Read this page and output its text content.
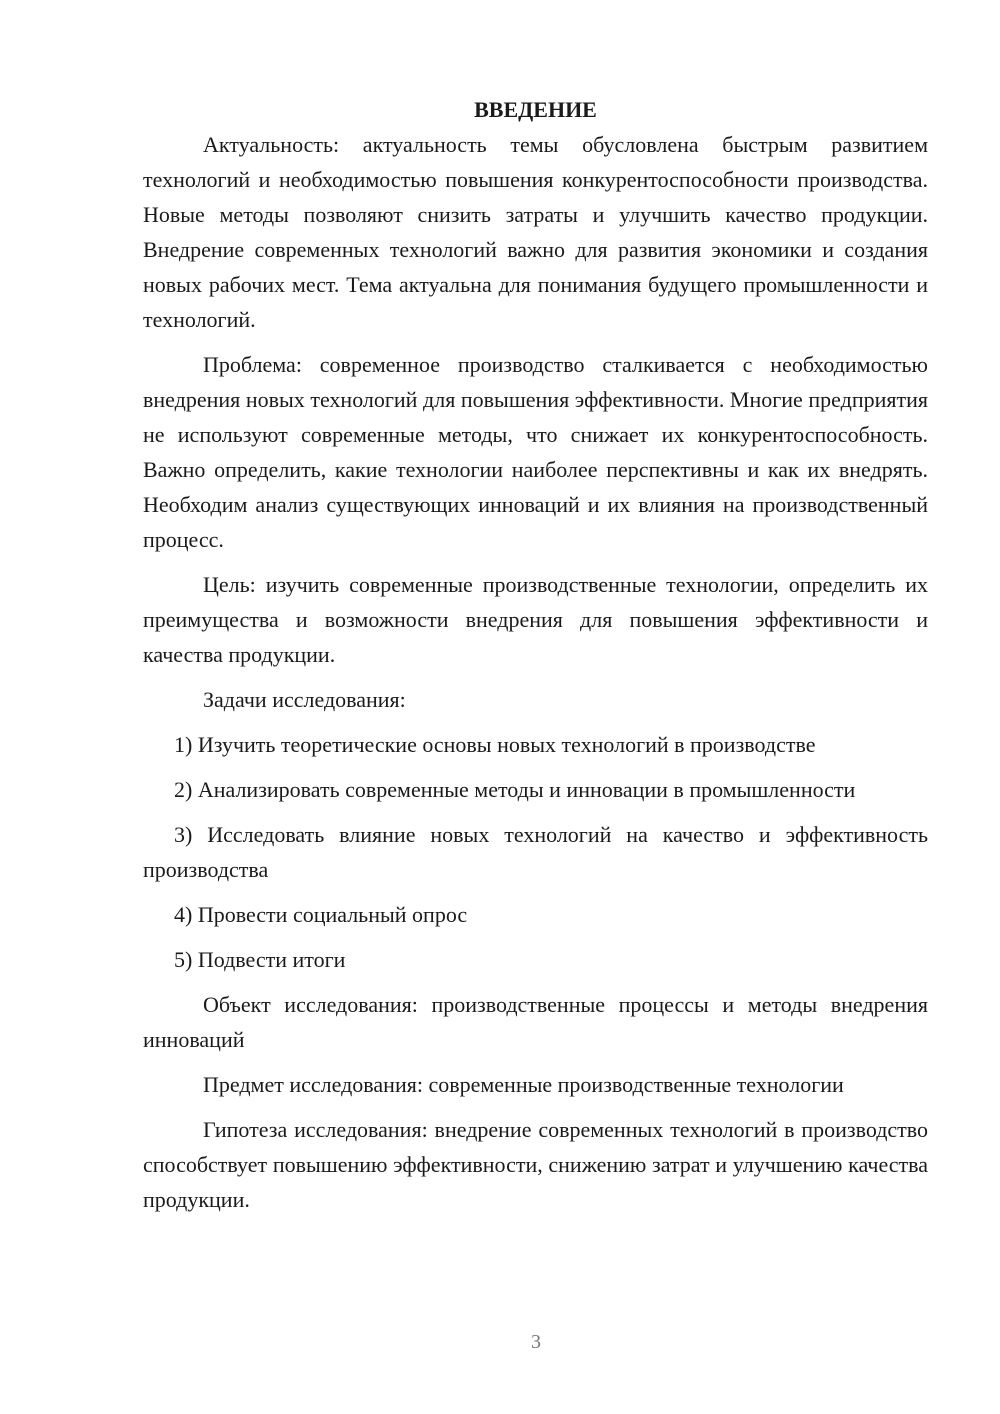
ВВЕДЕНИЕ

Актуальность: актуальность темы обусловлена быстрым развитием технологий и необходимостью повышения конкурентоспособности производства. Новые методы позволяют снизить затраты и улучшить качество продукции. Внедрение современных технологий важно для развития экономики и создания новых рабочих мест. Тема актуальна для понимания будущего промышленности и технологий.

Проблема: современное производство сталкивается с необходимостью внедрения новых технологий для повышения эффективности. Многие предприятия не используют современные методы, что снижает их конкурентоспособность. Важно определить, какие технологии наиболее перспективны и как их внедрять. Необходим анализ существующих инноваций и их влияния на производственный процесс.

Цель: изучить современные производственные технологии, определить их преимущества и возможности внедрения для повышения эффективности и качества продукции.

Задачи исследования:

1) Изучить теоретические основы новых технологий в производстве

2) Анализировать современные методы и инновации в промышленности

3) Исследовать влияние новых технологий на качество и эффективность производства

4) Провести социальный опрос

5) Подвести итоги

Объект исследования: производственные процессы и методы внедрения инноваций

Предмет исследования: современные производственные технологии

Гипотеза исследования: внедрение современных технологий в производство способствует повышению эффективности, снижению затрат и улучшению качества продукции.

3
